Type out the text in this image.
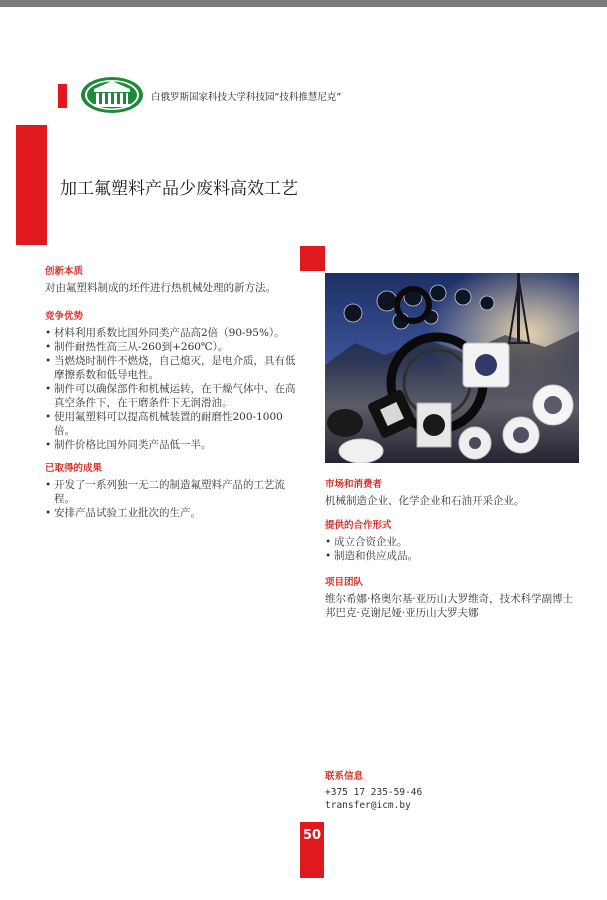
白俄罗斯国家科技大学科技园“技科推慧尼克”
加工氟塑料产品少废料高效工艺
创新本质

对由氟塑料制成的坯件进行热机械处理的新方法。

竞争优势
• 材料利用系数比国外同类产品高2倍（90-95%）。
• 制件耐热性高三从-260到+260℃）。
• 当燃烧时制件不燃烧，自己熄灭，是电介质，具有低摩擦系数和低导电性。
• 制件可以确保部件和机械运转，在干燥气体中、在高真空条件下，在干磨条件下无润滑油。
• 使用氟塑料可以提高机械装置的耐磨性200-1000倍。
• 制件价格比国外同类产品低一半。
已取得的成果
• 开发了一系列独一无二的制造氟塑料产品的工艺流程。
• 安排产品试验工业批次的生产。
市场和消费者

机械制造企业、化学企业和石油开采企业。

提供的合作形式
• 成立合资企业。
• 制造和供应成品。
项目团队

维尔希娜·格奥尔基·亚历山大罗维奇，技术科学副博士

邦巴克·克谢尼娅·亚历山大罗夫娜

联系信息
+375 17 235-59-46
transfer@icm.by
50
